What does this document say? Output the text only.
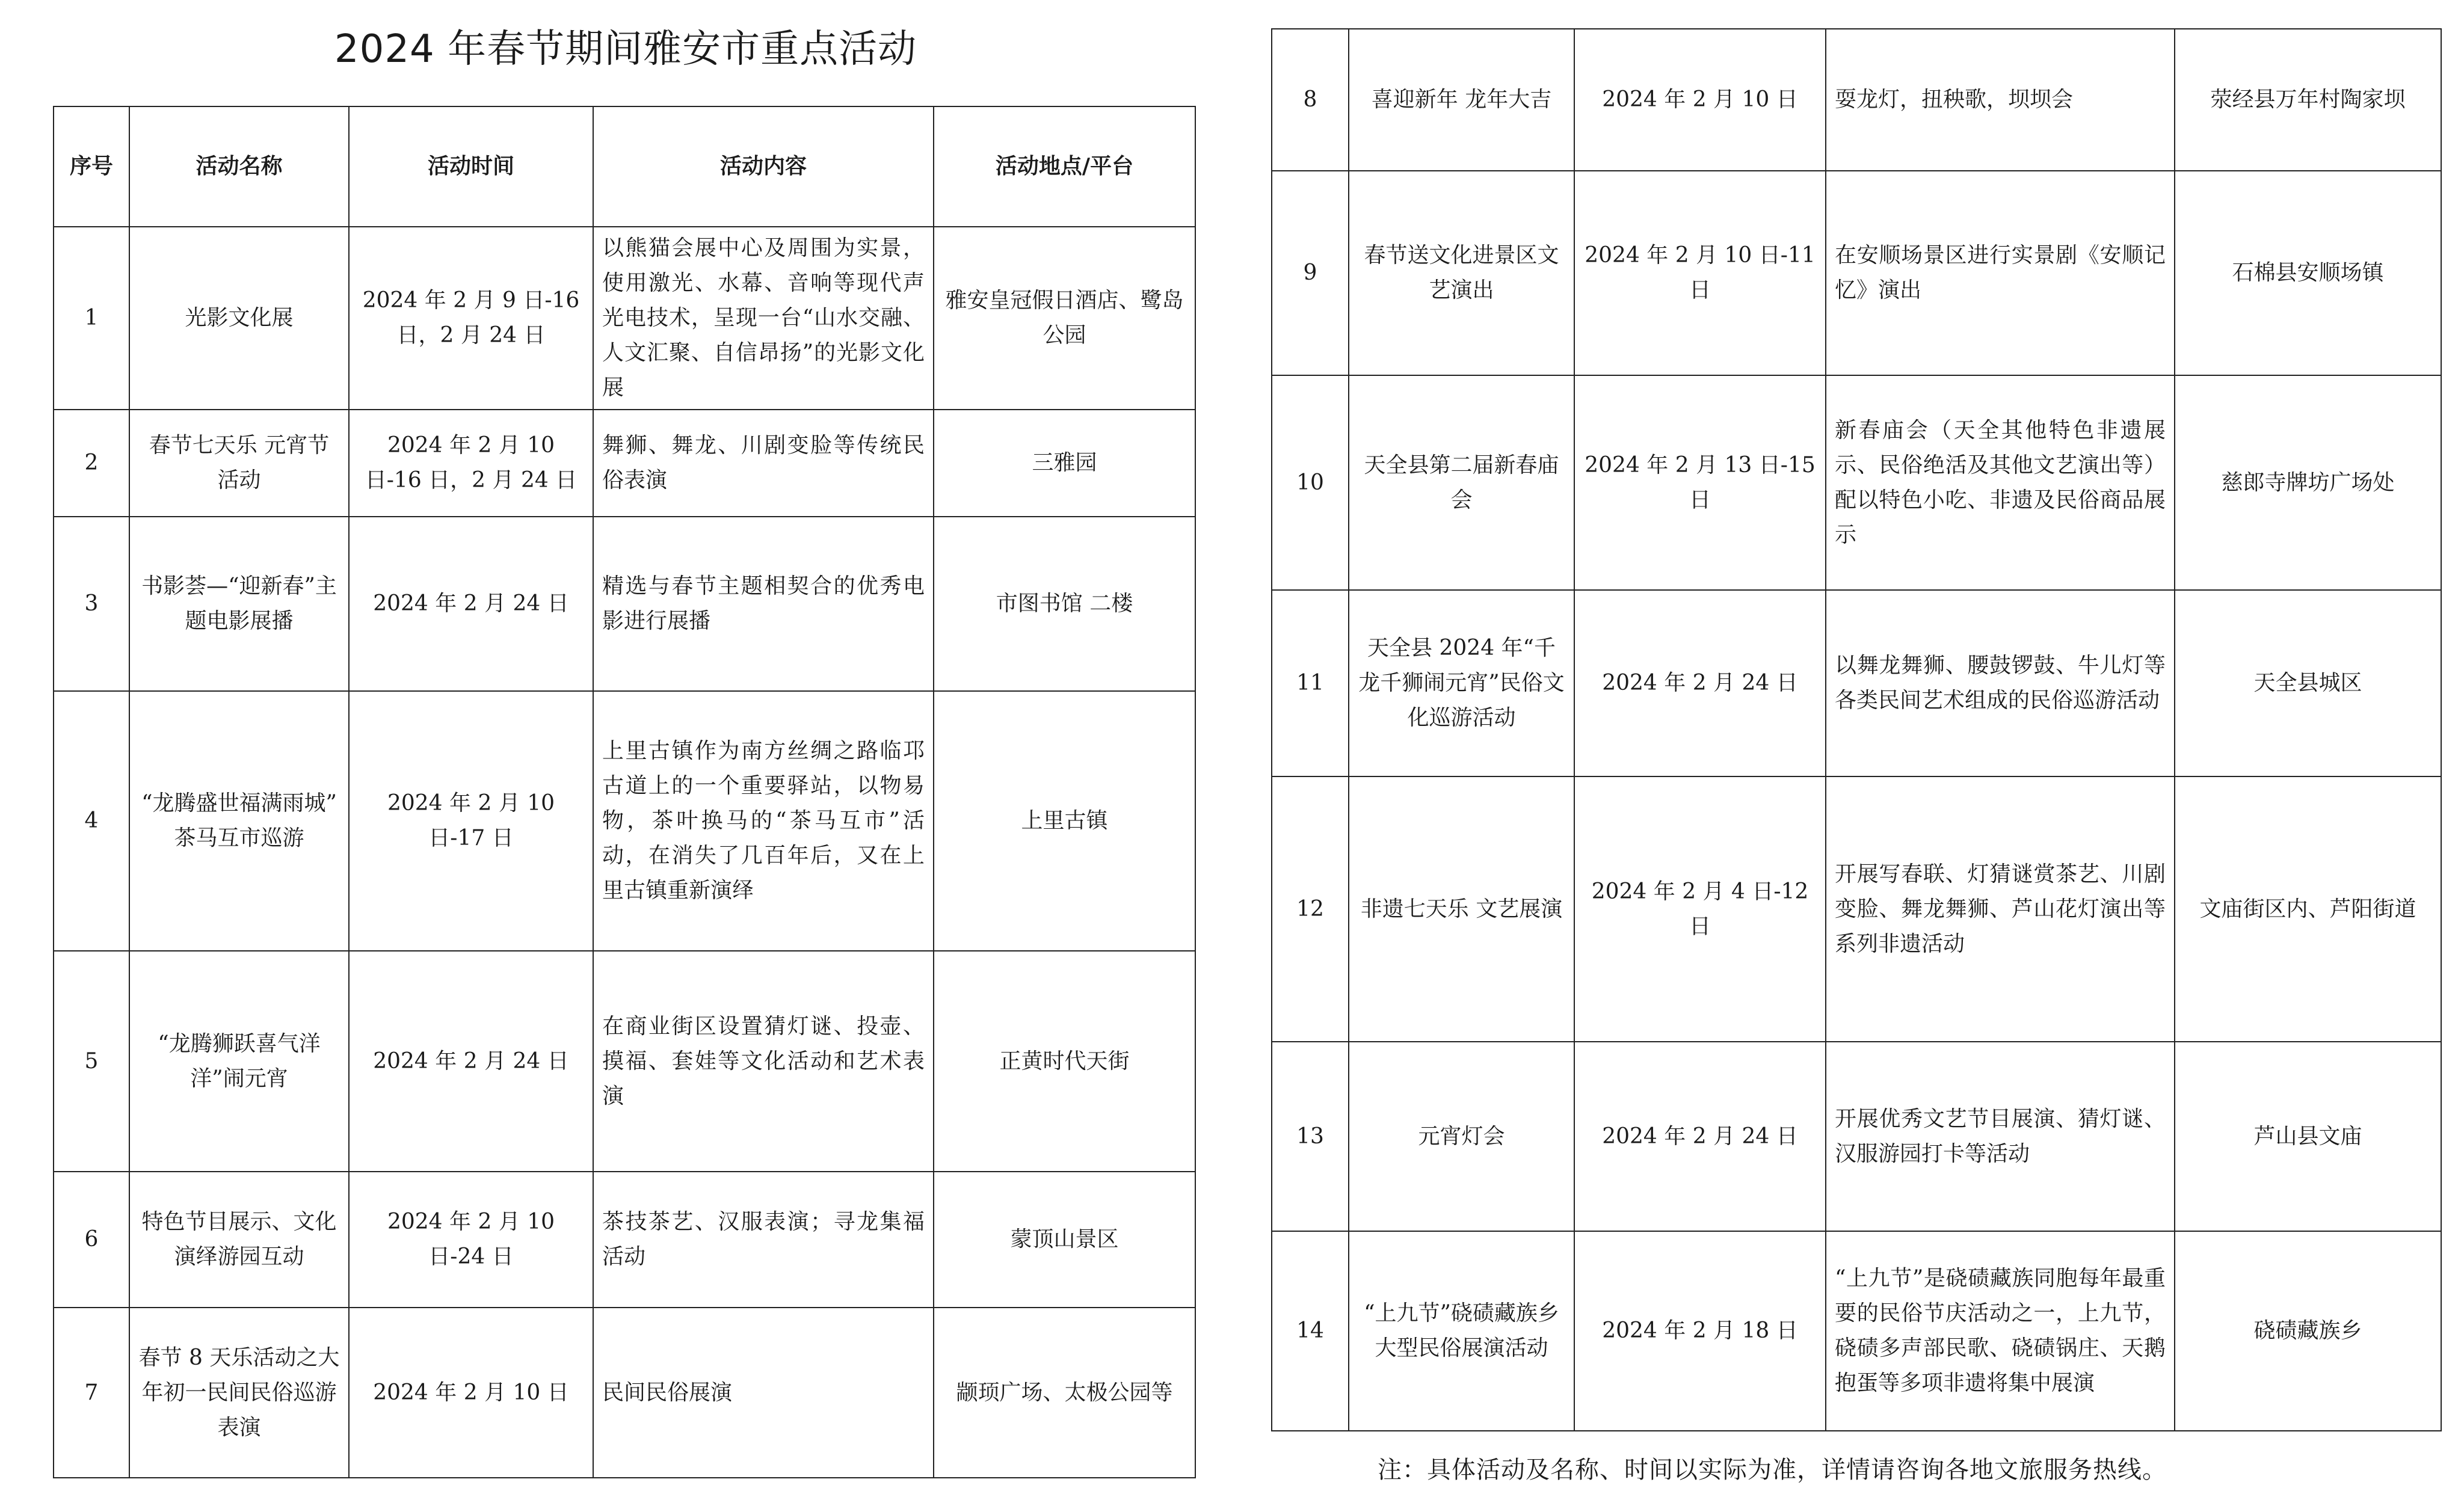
2024 年春节期间雅安市重点活动
序号	活动名称	活动时间	活动内容	活动地点/平台
1	光影文化展	2024 年 2 月 9 日-16 日，2 月 24 日	以熊猫会展中心及周围为实景，使用激光、水幕、音响等现代声光电技术，呈现一台“山水交融、人文汇聚、自信昂扬”的光影文化展	雅安皇冠假日酒店、鹭岛公园
2	春节七天乐 元宵节活动	2024 年 2 月 10 日-16 日，2 月 24 日	舞狮、舞龙、川剧变脸等传统民俗表演	三雅园
3	书影荟—“迎新春”主题电影展播	2024 年 2 月 24 日	精选与春节主题相契合的优秀电影进行展播	市图书馆 二楼
4	“龙腾盛世福满雨城” 茶马互市巡游	2024 年 2 月 10 日-17 日	上里古镇作为南方丝绸之路临邛古道上的一个重要驿站，以物易物，茶叶换马的“茶马互市”活动，在消失了几百年后，又在上里古镇重新演绎	上里古镇
5	“龙腾狮跃喜气洋洋”闹元宵	2024 年 2 月 24 日	在商业街区设置猜灯谜、投壶、摸福、套娃等文化活动和艺术表演	正黄时代天街
6	特色节目展示、文化演绎游园互动	2024 年 2 月 10 日-24 日	茶技茶艺、汉服表演；寻龙集福活动	蒙顶山景区
7	春节 8 天乐活动之大年初一民间民俗巡游表演	2024 年 2 月 10 日	民间民俗展演	颛顼广场、太极公园等
8	喜迎新年 龙年大吉	2024 年 2 月 10 日	耍龙灯，扭秧歌，坝坝会	荥经县万年村陶家坝
9	春节送文化进景区文艺演出	2024 年 2 月 10 日-11 日	在安顺场景区进行实景剧《安顺记忆》演出	石棉县安顺场镇
10	天全县第二届新春庙会	2024 年 2 月 13 日-15 日	新春庙会（天全其他特色非遗展示、民俗绝活及其他文艺演出等）配以特色小吃、非遗及民俗商品展示	慈郎寺牌坊广场处
11	天全县 2024 年“千龙千狮闹元宵”民俗文化巡游活动	2024 年 2 月 24 日	以舞龙舞狮、腰鼓锣鼓、牛儿灯等各类民间艺术组成的民俗巡游活动	天全县城区
12	非遗七天乐 文艺展演	2024 年 2 月 4 日-12 日	开展写春联、灯猜谜赏茶艺、川剧变脸、舞龙舞狮、芦山花灯演出等系列非遗活动	文庙街区内、芦阳街道
13	元宵灯会	2024 年 2 月 24 日	开展优秀文艺节目展演、猜灯谜、汉服游园打卡等活动	芦山县文庙
14	“上九节”硗碛藏族乡大型民俗展演活动	2024 年 2 月 18 日	“上九节”是硗碛藏族同胞每年最重要的民俗节庆活动之一，上九节，硗碛多声部民歌、硗碛锅庄、天鹅抱蛋等多项非遗将集中展演	硗碛藏族乡
注：具体活动及名称、时间以实际为准，详情请咨询各地文旅服务热线。
